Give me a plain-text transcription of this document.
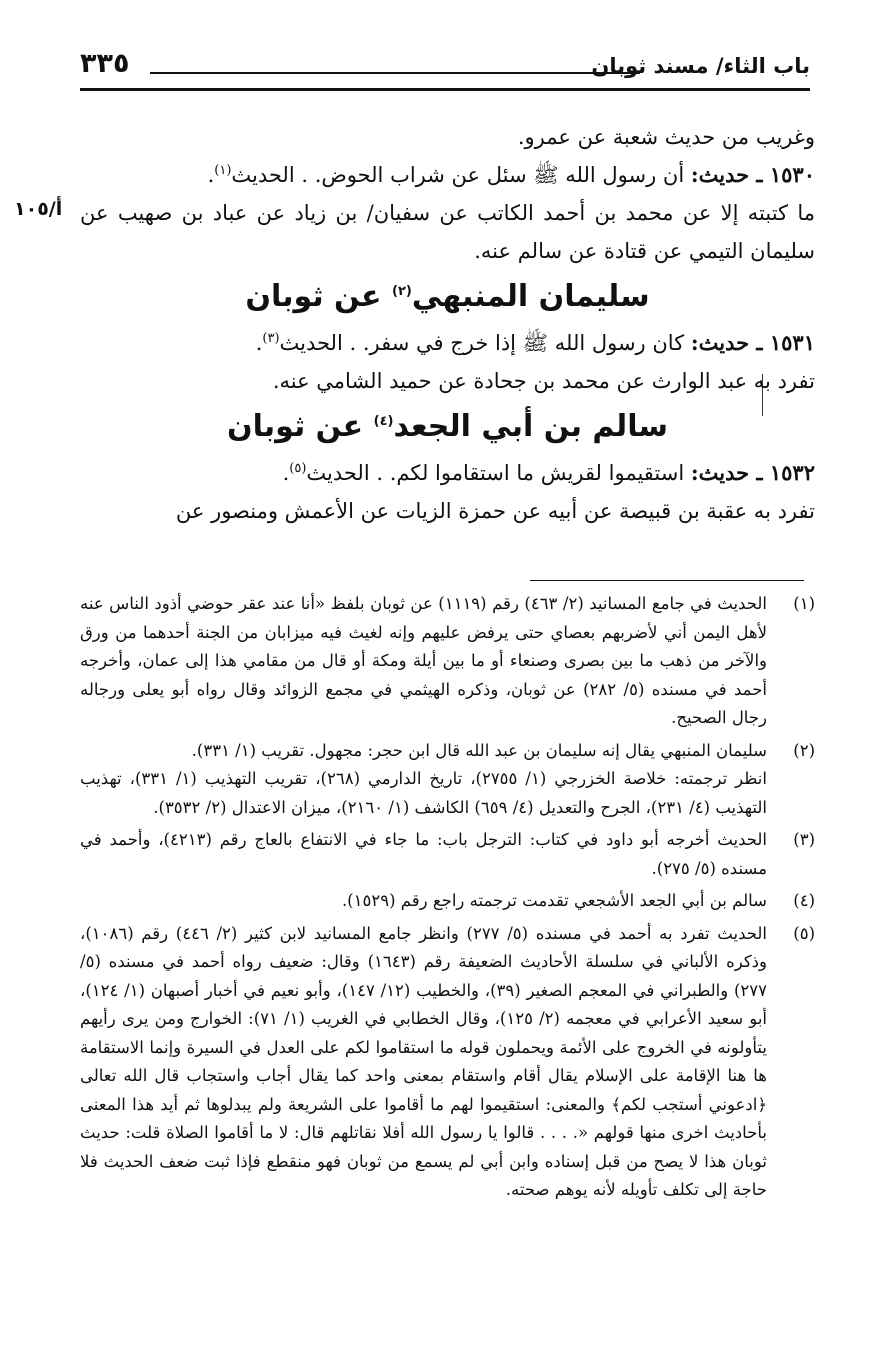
باب الثاء/ مسند ثوبان
٣٣٥
أ/١٠٥

وغريب من حديث شعبة عن عمرو.

١٥٣٠ ـ حديث: أن رسول الله ﷺ سئل عن شراب الحوض. . الحديث$^{(١)}$.

ما كتبته إلا عن محمد بن أحمد الكاتب عن سفيان/ بن زياد عن عباد بن صهيب عن سليمان التيمي عن قتادة عن سالم عنه.

سليمان المنبهي$^{(٢)}$ عن ثوبان

١٥٣١ ـ حديث: كان رسول الله ﷺ إذا خرج في سفر. . الحديث$^{(٣)}$.

تفرد به عبد الوارث عن محمد بن جحادة عن حميد الشامي عنه.

سالم بن أبي الجعد$^{(٤)}$ عن ثوبان

١٥٣٢ ـ حديث: استقيموا لقريش ما استقاموا لكم. . الحديث$^{(٥)}$.

تفرد به عقبة بن قبيصة عن أبيه عن حمزة الزيات عن الأعمش ومنصور عن

(١)

الحديث في جامع المسانيد (٢/ ٤٦٣) رقم (١١١٩) عن ثوبان بلفظ «أنا عند عقر حوضي أذود الناس عنه لأهل اليمن أني لأضربهم بعصاي حتى يرفض عليهم وإنه لغيث فيه ميزابان من الجنة أحدهما من ورق والآخر من ذهب ما بين بصرى وصنعاء أو ما بين أيلة ومكة أو قال من مقامي هذا إلى عمان، وأخرجه أحمد في مسنده (٥/ ٢٨٢) عن ثوبان، وذكره الهيثمي في مجمع الزوائد وقال رواه أبو يعلى ورجاله رجال الصحيح.

(٢)

سليمان المنبهي يقال إنه سليمان بن عبد الله قال ابن حجر: مجهول. تقريب (١/ ٣٣١).

انظر ترجمته: خلاصة الخزرجي (١/ ٢٧٥٥)، تاريخ الدارمي (٢٦٨)، تقريب التهذيب (١/ ٣٣١)، تهذيب التهذيب (٤/ ٢٣١)، الجرح والتعديل (٤/ ٦٥٩) الكاشف (١/ ٢١٦٠)، ميزان الاعتدال (٢/ ٣٥٣٢).

(٣)

الحديث أخرجه أبو داود في كتاب: الترجل باب: ما جاء في الانتفاع بالعاج رقم (٤٢١٣)، وأحمد في مسنده (٥/ ٢٧٥).

(٤)

سالم بن أبي الجعد الأشجعي تقدمت ترجمته راجع رقم (١٥٢٩).

(٥)

الحديث تفرد به أحمد في مسنده (٥/ ٢٧٧) وانظر جامع المسانيد لابن كثير (٢/ ٤٤٦) رقم (١٠٨٦)، وذكره الألباني في سلسلة الأحاديث الضعيفة رقم (١٦٤٣) وقال: ضعيف رواه أحمد في مسنده (٥/ ٢٧٧) والطبراني في المعجم الصغير (٣٩)، والخطيب (١٢/ ١٤٧)، وأبو نعيم في أخبار أصبهان (١/ ١٢٤)، أبو سعيد الأعرابي في معجمه (٢/ ١٢٥)، وقال الخطابي في الغريب (١/ ٧١): الخوارج ومن يرى رأيهم يتأولونه في الخروج على الأئمة ويحملون قوله ما استقاموا لكم على العدل في السيرة وإنما الاستقامة ها هنا الإقامة على الإسلام يقال أقام واستقام بمعنى واحد كما يقال أجاب واستجاب قال الله تعالى ﴿ادعوني أستجب لكم﴾ والمعنى: استقيموا لهم ما أقاموا على الشريعة ولم يبدلوها ثم أيد هذا المعنى بأحاديث اخرى منها قولهم «. . . . قالوا يا رسول الله أفلا نقاتلهم قال: لا ما أقاموا الصلاة قلت: حديث ثوبان هذا لا يصح من قبل إسناده وابن أبي لم يسمع من ثوبان فهو منقطع فإذا ثبت ضعف الحديث فلا حاجة إلى تكلف تأويله لأنه يوهم صحته.
